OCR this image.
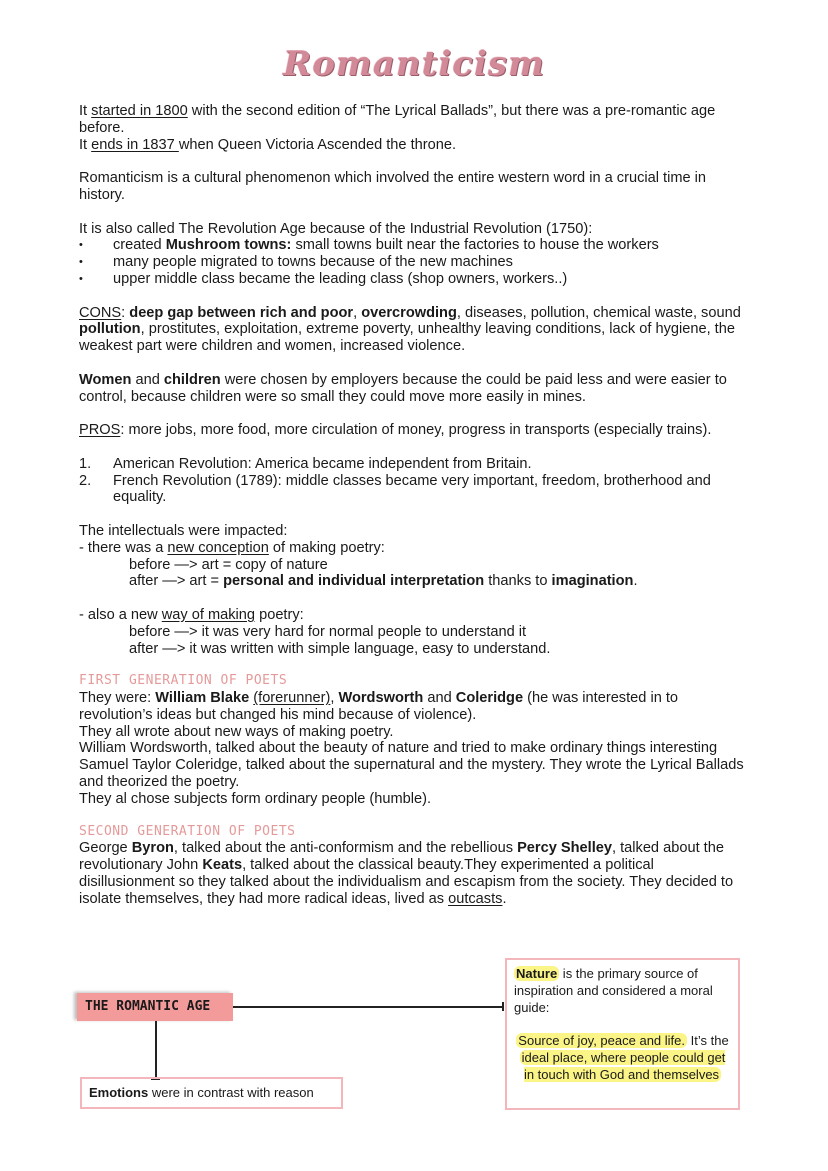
Romanticism

It started in 1800 with the second edition of “The Lyrical Ballads”, but there was a pre-romantic age before.

It ends in 1837 when Queen Victoria Ascended the throne.

Romanticism is a cultural phenomenon which involved the entire western word in a crucial time in history.

It is also called The Revolution Age because of the Industrial Revolution (1750):

• created Mushroom towns: small towns built near the factories to house the workers
• many people migrated to towns because of the new machines
• upper middle class became the leading class (shop owners, workers..)

CONS: deep gap between rich and poor, overcrowding, diseases, pollution, chemical waste, sound pollution, prostitutes, exploitation, extreme poverty, unhealthy leaving conditions, lack of hygiene, the weakest part were children and women, increased violence.

Women and children were chosen by employers because the could be paid less and were easier to control, because children were so small they could move more easily in mines.

PROS: more jobs, more food, more circulation of money, progress in transports (especially trains).

1. American Revolution: America became independent from Britain.
2. French Revolution (1789): middle classes became very important, freedom, brotherhood and equality.

The intellectuals were impacted:

- there was a new conception of making poetry:

before —> art = copy of nature

after —> art = personal and individual interpretation thanks to imagination.

- also a new way of making poetry:

before —> it was very hard for normal people to understand it

after —> it was written with simple language, easy to understand.

FIRST GENERATION OF POETS

They were: William Blake (forerunner), Wordsworth and Coleridge (he was interested in to revolution’s ideas but changed his mind because of violence).

They all wrote about new ways of making poetry.

William Wordsworth, talked about the beauty of nature and tried to make ordinary things interesting

Samuel Taylor Coleridge, talked about the supernatural and the mystery. They wrote the Lyrical Ballads and theorized the poetry.

They al chose subjects form ordinary people (humble).

SECOND GENERATION OF POETS

George Byron, talked about the anti-conformism and the rebellious Percy Shelley, talked about the revolutionary John Keats, talked about the classical beauty.They experimented a political disillusionment so they talked about the individualism and escapism from the society. They decided to isolate themselves, they had more radical ideas, lived as outcasts.

THE ROMANTIC AGE
Emotions were in contrast with reason

Nature is the primary source of inspiration and considered a moral guide:

Source of joy, peace and life. It’s the ideal place, where people could get in touch with God and themselves
